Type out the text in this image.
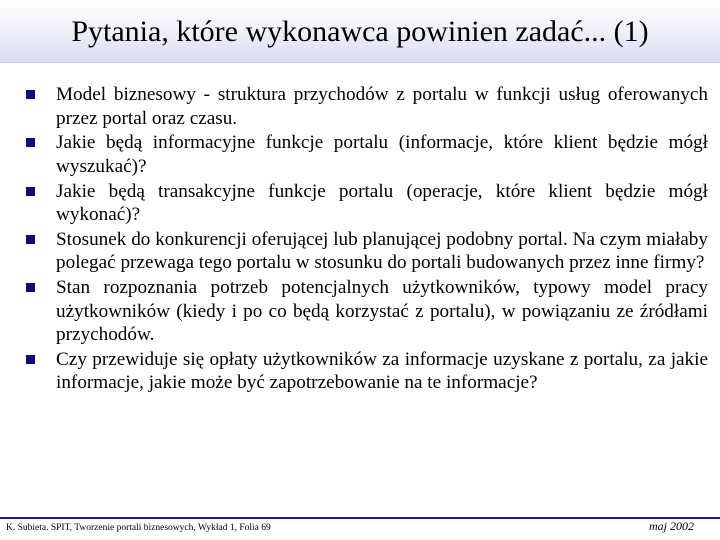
Pytania, które wykonawca powinien zadać... (1)
Model biznesowy - struktura przychodów z portalu w funkcji usług oferowanych przez portal oraz czasu.
Jakie będą informacyjne funkcje portalu (informacje, które klient będzie mógł wyszukać)?
Jakie będą transakcyjne funkcje portalu (operacje, które klient będzie mógł wykonać)?
Stosunek do konkurencji oferującej lub planującej podobny portal. Na czym miałaby polegać przewaga tego portalu w stosunku do portali budowanych przez inne firmy?
Stan rozpoznania potrzeb potencjalnych użytkowników, typowy model pracy użytkowników (kiedy i po co będą korzystać z portalu), w powiązaniu ze źródłami przychodów.
Czy przewiduje się opłaty użytkowników za informacje uzyskane z portalu, za jakie informacje, jakie może być zapotrzebowanie na te informacje?
K. Subieta. SPIT, Tworzenie portali biznesowych, Wykład 1, Folia 69	maj 2002
